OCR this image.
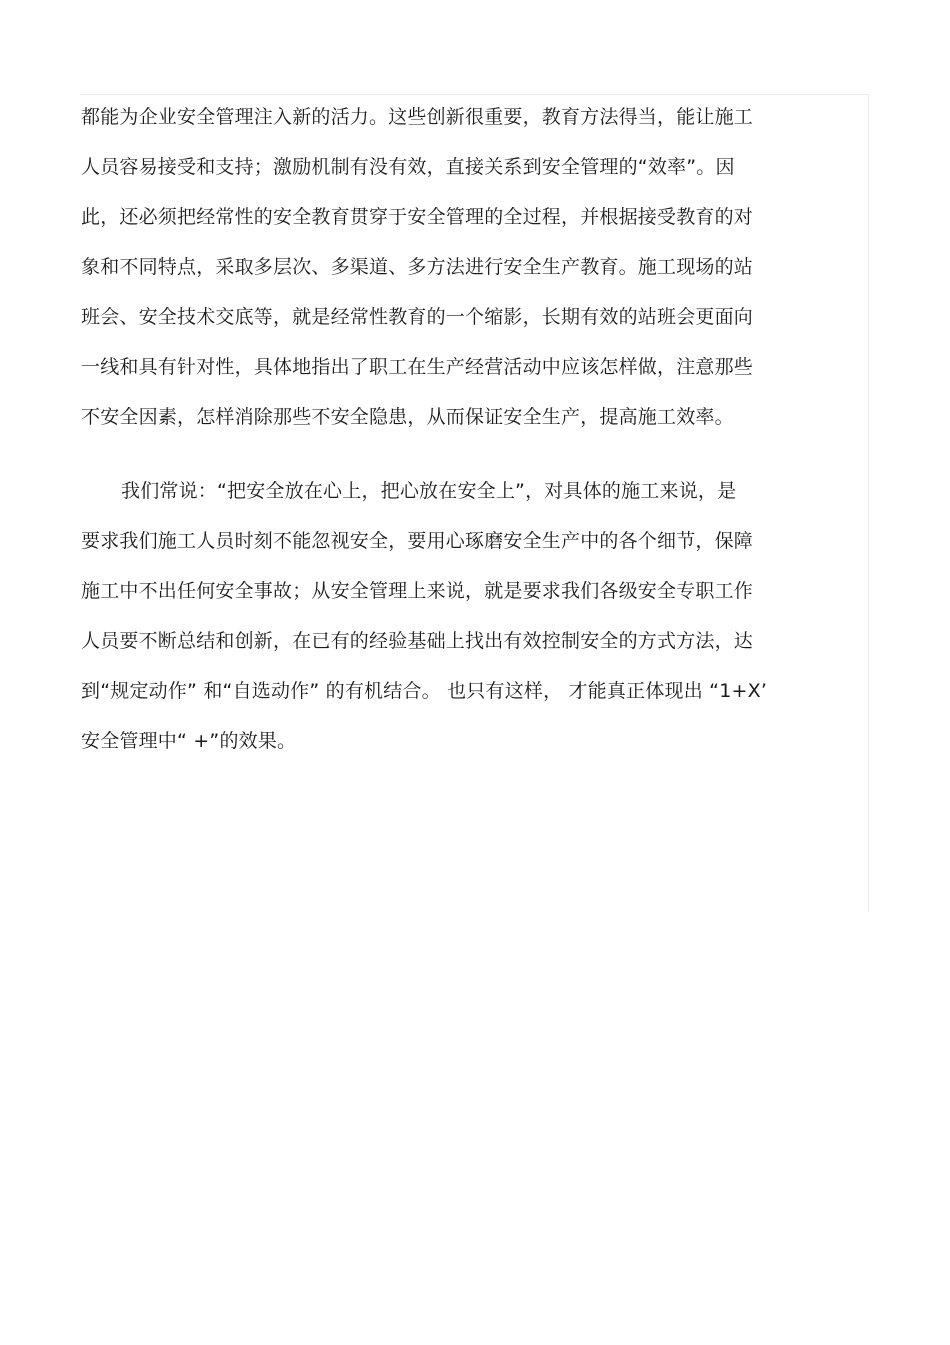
都能为企业安全管理注入新的活力。这些创新很重要，教育方法得当，能让施工
人员容易接受和支持；激励机制有没有效，直接关系到安全管理的“效率”。因
此，还必须把经常性的安全教育贯穿于安全管理的全过程，并根据接受教育的对
象和不同特点，采取多层次、多渠道、多方法进行安全生产教育。施工现场的站
班会、安全技术交底等，就是经常性教育的一个缩影，长期有效的站班会更面向
一线和具有针对性，具体地指出了职工在生产经营活动中应该怎样做，注意那些
不安全因素，怎样消除那些不安全隐患，从而保证安全生产，提高施工效率。
我们常说：“把安全放在心上，把心放在安全上”，对具体的施工来说，是
要求我们施工人员时刻不能忽视安全，要用心琢磨安全生产中的各个细节，保障
施工中不出任何安全事故；从安全管理上来说，就是要求我们各级安全专职工作
人员要不断总结和创新，在已有的经验基础上找出有效控制安全的方式方法，达
到“规定动作” 和“自选动作” 的有机结合。 也只有这样， 才能真正体现出 “1+X’
安全管理中“ +”的效果。
